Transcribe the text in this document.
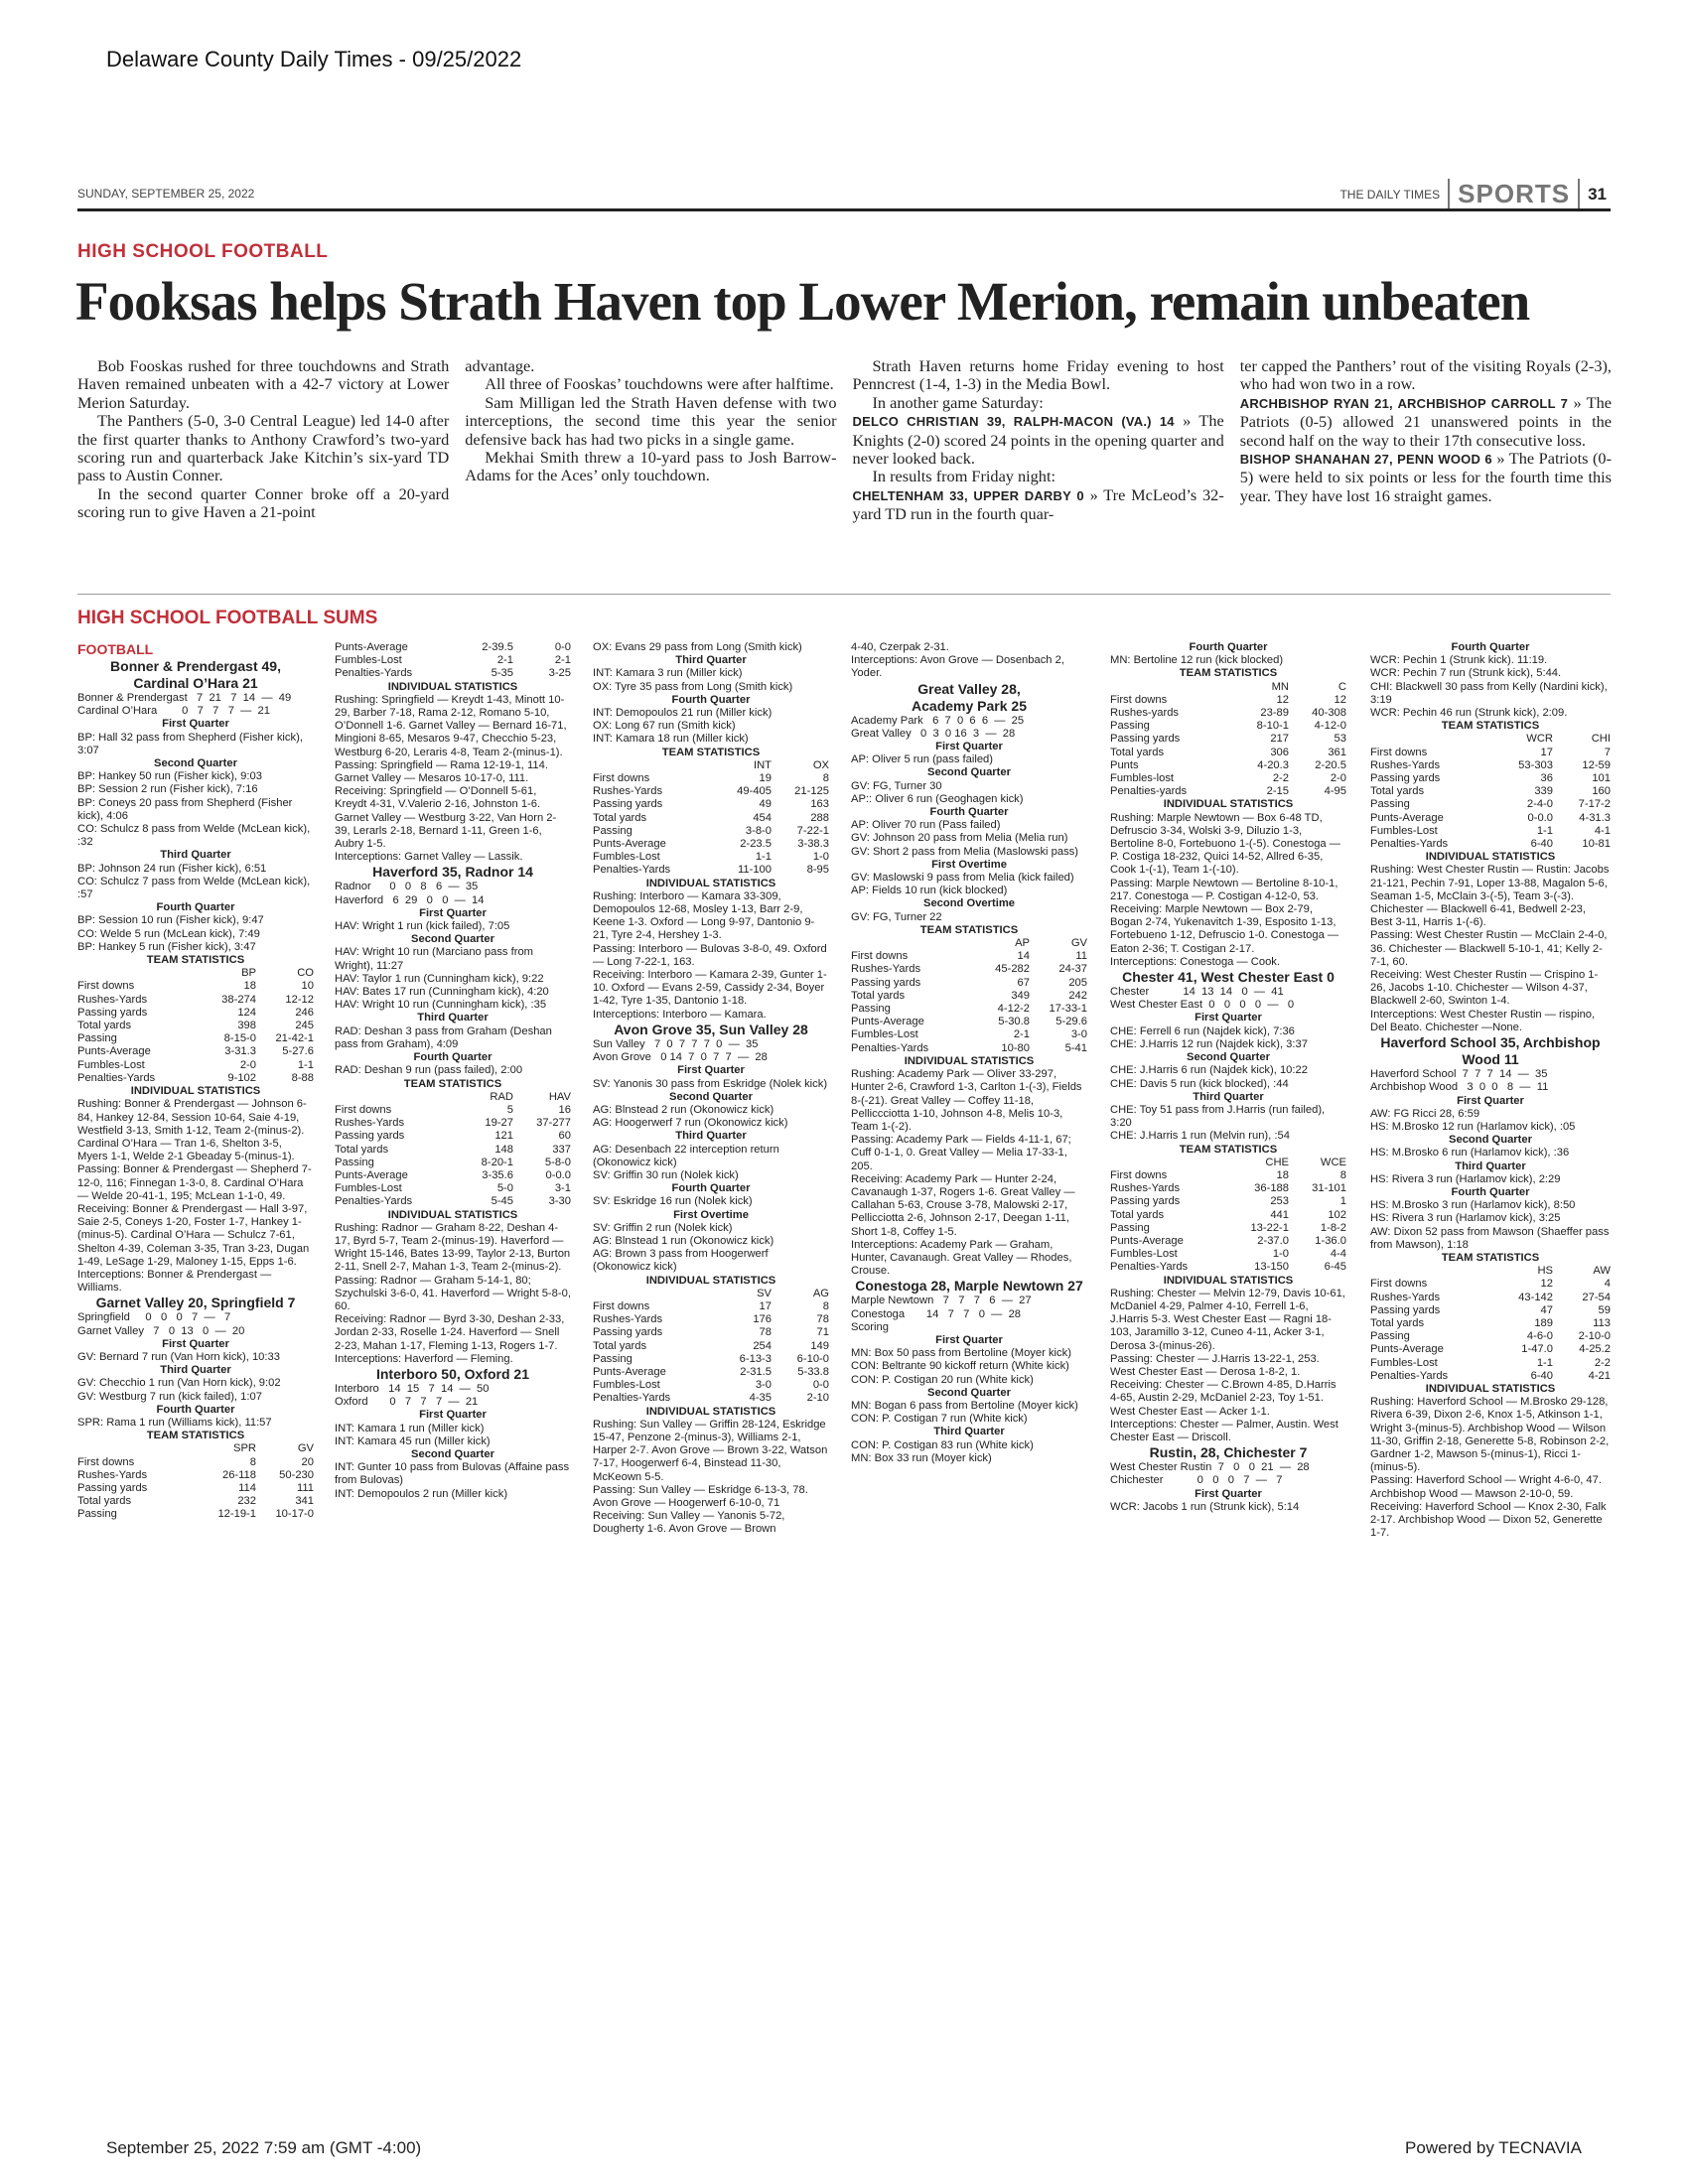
Delaware County Daily Times - 09/25/2022
SUNDAY, SEPTEMBER 25, 2022	THE DAILY TIMES SPORTS	31
HIGH SCHOOL FOOTBALL
Fooksas helps Strath Haven top Lower Merion, remain unbeaten

Bob Fooskas rushed for three touchdowns and Strath Haven remained unbeaten with a 42-7 victory at Lower Merion Saturday.

The Panthers (5-0, 3-0 Central League) led 14-0 after the first quarter thanks to Anthony Crawford’s two-yard scoring run and quarterback Jake Kitchin’s six-yard TD pass to Austin Conner.

In the second quarter Conner broke off a 20-yard scoring run to give Haven a 21-point

advantage.

All three of Fooskas’ touchdowns were after halftime.

Sam Milligan led the Strath Haven defense with two interceptions, the second time this year the senior defensive back has had two picks in a single game.

Mekhai Smith threw a 10-yard pass to Josh Barrow-Adams for the Aces’ only touchdown.

Strath Haven returns home Friday evening to host Penncrest (1-4, 1-3) in the Media Bowl.

In another game Saturday:

DELCO CHRISTIAN 39, RALPH-MACON (VA.) 14 » The Knights (2-0) scored 24 points in the opening quarter and never looked back.

In results from Friday night:

CHELTENHAM 33, UPPER DARBY 0 » Tre McLeod’s 32-yard TD run in the fourth quar-

ter capped the Panthers’ rout of the visiting Royals (2-3), who had won two in a row.

ARCHBISHOP RYAN 21, ARCHBISHOP CARROLL 7 » The Patriots (0-5) allowed 21 unanswered points in the second half on the way to their 17th consecutive loss.

BISHOP SHANAHAN 27, PENN WOOD 6 » The Patriots (0-5) were held to six points or less for the fourth time this year. They have lost 16 straight games.

HIGH SCHOOL FOOTBALL SUMS
FOOTBALL
Bonner & Prendergast 49,
Cardinal O’Hara 21
Bonner & Prendergast   7  21   7  14  —  49
Cardinal O’Hara        0   7   7   7  —  21
First Quarter
BP: Hall 32 pass from Shepherd (Fisher kick), 3:07
Second Quarter
BP: Hankey 50 run (Fisher kick), 9:03
BP: Session 2 run (Fisher kick), 7:16
BP: Coneys 20 pass from Shepherd (Fisher kick), 4:06
CO: Schulcz 8 pass from Welde (McLean kick), :32
Third Quarter
BP: Johnson 24 run (Fisher kick), 6:51
CO: Schulcz 7 pass from Welde (McLean kick), :57
Fourth Quarter
BP: Session 10 run (Fisher kick), 9:47
CO: Welde 5 run (McLean kick), 7:49
BP: Hankey 5 run (Fisher kick), 3:47
TEAM STATISTICS
BP	CO
First downs	18	10
Rushes-Yards	38-274	12-12
Passing yards	124	246
Total yards	398	245
Passing	8-15-0	21-42-1
Punts-Average	3-31.3	5-27.6
Fumbles-Lost	2-0	1-1
Penalties-Yards	9-102	8-88
INDIVIDUAL STATISTICS
Rushing: Bonner & Prendergast — Johnson 6-84, Hankey 12-84, Session 10-64, Saie 4-19, Westfield 3-13, Smith 1-12, Team 2-(minus-2). Cardinal O’Hara — Tran 1-6, Shelton 3-5, Myers 1-1, Welde 2-1 Gbeaday 5-(minus-1).
Passing: Bonner & Prendergast — Shepherd 7-12-0, 116; Finnegan 1-3-0, 8. Cardinal O’Hara — Welde 20-41-1, 195; McLean 1-1-0, 49.
Receiving: Bonner & Prendergast — Hall 3-97, Saie 2-5, Coneys 1-20, Foster 1-7, Hankey 1-(minus-5). Cardinal O’Hara — Schulcz 7-61, Shelton 4-39, Coleman 3-35, Tran 3-23, Dugan 1-49, LeSage 1-29, Maloney 1-15, Epps 1-6.
Interceptions: Bonner & Prendergast — Williams.
Garnet Valley 20, Springfield 7
Springfield     0   0   0   7  —   7
Garnet Valley   7   0  13   0  —  20
First Quarter
GV: Bernard 7 run (Van Horn kick), 10:33
Third Quarter
GV: Checchio 1 run (Van Horn kick), 9:02
GV: Westburg 7 run (kick failed), 1:07
Fourth Quarter
SPR: Rama 1 run (Williams kick), 11:57
TEAM STATISTICS
SPR	GV
First downs	8	20
Rushes-Yards	26-118	50-230
Passing yards	114	111
Total yards	232	341
Passing	12-19-1	10-17-0
Punts-Average	2-39.5	0-0
Fumbles-Lost	2-1	2-1
Penalties-Yards	5-35	3-25
INDIVIDUAL STATISTICS
Rushing: Springfield — Kreydt 1-43, Minott 10-29, Barber 7-18, Rama 2-12, Romano 5-10, O’Donnell 1-6. Garnet Valley — Bernard 16-71, Mingioni 8-65, Mesaros 9-47, Checchio 5-23, Westburg 6-20, Leraris 4-8, Team 2-(minus-1).
Passing: Springfield — Rama 12-19-1, 114. Garnet Valley — Mesaros 10-17-0, 111.
Receiving: Springfield — O’Donnell 5-61, Kreydt 4-31, V.Valerio 2-16, Johnston 1-6. Garnet Valley — Westburg 3-22, Van Horn 2-39, Lerarls 2-18, Bernard 1-11, Green 1-6, Aubry 1-5.
Interceptions: Garnet Valley — Lassik.
Haverford 35, Radnor 14
Radnor      0   0   8   6  —  35
Haverford   6  29   0   0  —  14
First Quarter
HAV: Wright 1 run (kick failed), 7:05
Second Quarter
HAV: Wright 10 run (Marciano pass from Wright), 11:27
HAV: Taylor 1 run (Cunningham kick), 9:22
HAV: Bates 17 run (Cunningham kick), 4:20
HAV: Wright 10 run (Cunningham kick), :35
Third Quarter
RAD: Deshan 3 pass from Graham (Deshan pass from Graham), 4:09
Fourth Quarter
RAD: Deshan 9 run (pass failed), 2:00
TEAM STATISTICS
RAD	HAV
First downs	5	16
Rushes-Yards	19-27	37-277
Passing yards	121	60
Total yards	148	337
Passing	8-20-1	5-8-0
Punts-Average	3-35.6	0-0.0
Fumbles-Lost	5-0	3-1
Penalties-Yards	5-45	3-30
INDIVIDUAL STATISTICS
Rushing: Radnor — Graham 8-22, Deshan 4-17, Byrd 5-7, Team 2-(minus-19). Haverford — Wright 15-146, Bates 13-99, Taylor 2-13, Burton 2-11, Snell 2-7, Mahan 1-3, Team 2-(minus-2).
Passing: Radnor — Graham 5-14-1, 80; Szychulski 3-6-0, 41. Haverford — Wright 5-8-0, 60.
Receiving: Radnor — Byrd 3-30, Deshan 2-33, Jordan 2-33, Roselle 1-24. Haverford — Snell 2-23, Mahan 1-17, Fleming 1-13, Rogers 1-7.
Interceptions: Haverford — Fleming.
Interboro 50, Oxford 21
Interboro   14  15   7  14  —  50
Oxford       0   7   7   7  —  21
First Quarter
INT: Kamara 1 run (Miller kick)
INT: Kamara 45 run (Miller kick)
Second Quarter
INT: Gunter 10 pass from Bulovas (Affaine pass from Bulovas)
INT: Demopoulos 2 run (Miller kick)
OX: Evans 29 pass from Long (Smith kick)
Third Quarter
INT: Kamara 3 run (Miller kick)
OX: Tyre 35 pass from Long (Smith kick)
Fourth Quarter
INT: Demopoulos 21 run (Miller kick)
OX: Long 67 run (Smith kick)
INT: Kamara 18 run (Miller kick)
TEAM STATISTICS
INT	OX
First downs	19	8
Rushes-Yards	49-405	21-125
Passing yards	49	163
Total yards	454	288
Passing	3-8-0	7-22-1
Punts-Average	2-23.5	3-38.3
Fumbles-Lost	1-1	1-0
Penalties-Yards	11-100	8-95
INDIVIDUAL STATISTICS
Rushing: Interboro — Kamara 33-309, Demopoulos 12-68, Mosley 1-13, Barr 2-9, Keene 1-3. Oxford — Long 9-97, Dantonio 9-21, Tyre 2-4, Hershey 1-3.
Passing: Interboro — Bulovas 3-8-0, 49. Oxford — Long 7-22-1, 163.
Receiving: Interboro — Kamara 2-39, Gunter 1-10. Oxford — Evans 2-59, Cassidy 2-34, Boyer 1-42, Tyre 1-35, Dantonio 1-18.
Interceptions: Interboro — Kamara.
Avon Grove 35, Sun Valley 28
Sun Valley   7  0  7  7  7  0  —  35
Avon Grove   0 14  7  0  7  7  —  28
First Quarter
SV: Yanonis 30 pass from Eskridge (Nolek kick)
Second Quarter
AG: Blnstead 2 run (Okonowicz kick)
AG: Hoogerwerf 7 run (Okonowicz kick)
Third Quarter
AG: Desenbach 22 interception return (Okonowicz kick)
SV: Griffin 30 run (Nolek kick)
Fourth Quarter
SV: Eskridge 16 run (Nolek kick)
First Overtime
SV: Griffin 2 run (Nolek kick)
AG: Blnstead 1 run (Okonowicz kick)
AG: Brown 3 pass from Hoogerwerf (Okonowicz kick)
INDIVIDUAL STATISTICS
SV	AG
First downs	17	8
Rushes-Yards	176	78
Passing yards	78	71
Total yards	254	149
Passing	6-13-3	6-10-0
Punts-Average	2-31.5	5-33.8
Fumbles-Lost	3-0	0-0
Penalties-Yards	4-35	2-10
INDIVIDUAL STATISTICS
Rushing: Sun Valley — Griffin 28-124, Eskridge 15-47, Penzone 2-(minus-3), Williams 2-1, Harper 2-7. Avon Grove — Brown 3-22, Watson 7-17, Hoogerwerf 6-4, Binstead 11-30, McKeown 5-5.
Passing: Sun Valley — Eskridge 6-13-3, 78. Avon Grove — Hoogerwerf 6-10-0, 71
Receiving: Sun Valley — Yanonis 5-72, Dougherty 1-6. Avon Grove — Brown
4-40, Czerpak 2-31.
Interceptions: Avon Grove — Dosenbach 2, Yoder.
Great Valley 28,
Academy Park 25
Academy Park   6  7  0  6  6  —  25
Great Valley   0  3  0 16  3  —  28
First Quarter
AP: Oliver 5 run (pass failed)
Second Quarter
GV: FG, Turner 30
AP:: Oliver 6 run (Geoghagen kick)
Fourth Quarter
AP: Oliver 70 run (Pass failed)
GV: Johnson 20 pass from Melia (Melia run)
GV: Short 2 pass from Melia (Maslowski pass)
First Overtime
GV: Maslowski 9 pass from Melia (kick failed)
AP: Fields 10 run (kick blocked)
Second Overtime
GV: FG, Turner 22
TEAM STATISTICS
AP	GV
First downs	14	11
Rushes-Yards	45-282	24-37
Passing yards	67	205
Total yards	349	242
Passing	4-12-2	17-33-1
Punts-Average	5-30.8	5-29.6
Fumbles-Lost	2-1	3-0
Penalties-Yards	10-80	5-41
INDIVIDUAL STATISTICS
Rushing: Academy Park — Oliver 33-297, Hunter 2-6, Crawford 1-3, Carlton 1-(-3), Fields 8-(-21). Great Valley — Coffey 11-18, Pelliccciotta 1-10, Johnson 4-8, Melis 10-3, Team 1-(-2).
Passing: Academy Park — Fields 4-11-1, 67; Cuff 0-1-1, 0. Great Valley — Melia 17-33-1, 205.
Receiving: Academy Park — Hunter 2-24, Cavanaugh 1-37, Rogers 1-6. Great Valley — Callahan 5-63, Crouse 3-78, Malowski 2-17, Pellicciotta 2-6, Johnson 2-17, Deegan 1-11, Short 1-8, Coffey 1-5.
Interceptions: Academy Park — Graham, Hunter, Cavanaugh. Great Valley — Rhodes, Crouse.
Conestoga 28, Marple Newtown 27
Marple Newtown   7   7   7   6  —  27
Conestoga       14   7   7   0  —  28
Scoring
First Quarter
MN: Box 50 pass from Bertoline (Moyer kick)
CON: Beltrante 90 kickoff return (White kick)
CON: P. Costigan 20 run (White kick)
Second Quarter
MN: Bogan 6 pass from Bertoline (Moyer kick)
CON: P. Costigan 7 run (White kick)
Third Quarter
CON: P. Costigan 83 run (White kick)
MN: Box 33 run (Moyer kick)
Fourth Quarter
MN: Bertoline 12 run (kick blocked)
TEAM STATISTICS
MN	C
First downs	12	12
Rushes-yards	23-89	40-308
Passing	8-10-1	4-12-0
Passing yards	217	53
Total yards	306	361
Punts	4-20.3	2-20.5
Fumbles-lost	2-2	2-0
Penalties-yards	2-15	4-95
INDIVIDUAL STATISTICS
Rushing: Marple Newtown — Box 6-48 TD, Defruscio 3-34, Wolski 3-9, Diluzio 1-3, Bertoline 8-0, Fortebuono 1-(-5). Conestoga — P. Costiga 18-232, Quici 14-52, Allred 6-35, Cook 1-(-1), Team 1-(-10).
Passing: Marple Newtown — Bertoline 8-10-1, 217. Conestoga — P. Costigan 4-12-0, 53.
Receiving: Marple Newtown — Box 2-79, Bogan 2-74, Yukenavitch 1-39, Esposito 1-13, Fortebueno 1-12, Defruscio 1-0. Conestoga — Eaton 2-36; T. Costigan 2-17.
Interceptions: Conestoga — Cook.
Chester 41, West Chester East 0
Chester           14  13  14   0  —  41
West Chester East  0   0   0   0  —   0
First Quarter
CHE: Ferrell 6 run (Najdek kick), 7:36
CHE: J.Harris 12 run (Najdek kick), 3:37
Second Quarter
CHE: J.Harris 6 run (Najdek kick), 10:22
CHE: Davis 5 run (kick blocked), :44
Third Quarter
CHE: Toy 51 pass from J.Harris (run failed), 3:20
CHE: J.Harris 1 run (Melvin run), :54
TEAM STATISTICS
CHE	WCE
First downs	18	8
Rushes-Yards	36-188	31-101
Passing yards	253	1
Total yards	441	102
Passing	13-22-1	1-8-2
Punts-Average	2-37.0	1-36.0
Fumbles-Lost	1-0	4-4
Penalties-Yards	13-150	6-45
INDIVIDUAL STATISTICS
Rushing: Chester — Melvin 12-79, Davis 10-61, McDaniel 4-29, Palmer 4-10, Ferrell 1-6, J.Harris 5-3. West Chester East — Ragni 18-103, Jaramillo 3-12, Cuneo 4-11, Acker 3-1, Derosa 3-(minus-26).
Passing: Chester — J.Harris 13-22-1, 253. West Chester East — Derosa 1-8-2, 1.
Receiving: Chester — C.Brown 4-85, D.Harris 4-65, Austin 2-29, McDaniel 2-23, Toy 1-51. West Chester East — Acker 1-1.
Interceptions: Chester — Palmer, Austin. West Chester East — Driscoll.
Rustin, 28, Chichester 7
West Chester Rustin  7   0   0  21  —  28
Chichester           0   0   0   7  —   7
First Quarter
WCR: Jacobs 1 run (Strunk kick), 5:14
Fourth Quarter
WCR: Pechin 1 (Strunk kick). 11:19.
WCR: Pechin 7 run (Strunk kick), 5:44.
CHI: Blackwell 30 pass from Kelly (Nardini kick), 3:19
WCR: Pechin 46 run (Strunk kick), 2:09.
TEAM STATISTICS
WCR	CHI
First downs	17	7
Rushes-Yards	53-303	12-59
Passing yards	36	101
Total yards	339	160
Passing	2-4-0	7-17-2
Punts-Average	0-0.0	4-31.3
Fumbles-Lost	1-1	4-1
Penalties-Yards	6-40	10-81
INDIVIDUAL STATISTICS
Rushing: West Chester Rustin — Rustin: Jacobs 21-121, Pechin 7-91, Loper 13-88, Magalon 5-6, Seaman 1-5, McClain 3-(-5), Team 3-(-3). Chichester — Blackwell 6-41, Bedwell 2-23, Best 3-11, Harris 1-(-6).
Passing: West Chester Rustin — McClain 2-4-0, 36. Chichester — Blackwell 5-10-1, 41; Kelly 2-7-1, 60.
Receiving: West Chester Rustin — Crispino 1-26, Jacobs 1-10. Chichester — Wilson 4-37, Blackwell 2-60, Swinton 1-4.
Interceptions: West Chester Rustin — rispino, Del Beato. Chichester —None.
Haverford School 35, Archbishop Wood 11
Haverford School  7  7  7  14  —  35
Archbishop Wood   3  0  0   8  —  11
First Quarter
AW: FG Ricci 28, 6:59
HS: M.Brosko 12 run (Harlamov kick), :05
Second Quarter
HS: M.Brosko 6 run (Harlamov kick), :36
Third Quarter
HS: Rivera 3 run (Harlamov kick), 2:29
Fourth Quarter
HS: M.Brosko 3 run (Harlamov kick), 8:50
HS: Rivera 3 run (Harlamov kick), 3:25
AW: Dixon 52 pass from Mawson (Shaeffer pass from Mawson), 1:18
TEAM STATISTICS
HS	AW
First downs	12	4
Rushes-Yards	43-142	27-54
Passing yards	47	59
Total yards	189	113
Passing	4-6-0	2-10-0
Punts-Average	1-47.0	4-25.2
Fumbles-Lost	1-1	2-2
Penalties-Yards	6-40	4-21
INDIVIDUAL STATISTICS
Rushing: Haverford School — M.Brosko 29-128, Rivera 6-39, Dixon 2-6, Knox 1-5, Atkinson 1-1, Wright 3-(minus-5). Archbishop Wood — Wilson 11-30, Griffin 2-18, Generette 5-8, Robinson 2-2, Gardner 1-2, Mawson 5-(minus-1), Ricci 1-(minus-5).
Passing: Haverford School — Wright 4-6-0, 47. Archbishop Wood — Mawson 2-10-0, 59.
Receiving: Haverford School — Knox 2-30, Falk 2-17. Archbishop Wood — Dixon 52, Generette 1-7.
September 25, 2022 7:59 am (GMT -4:00)	Powered by TECNAVIA
